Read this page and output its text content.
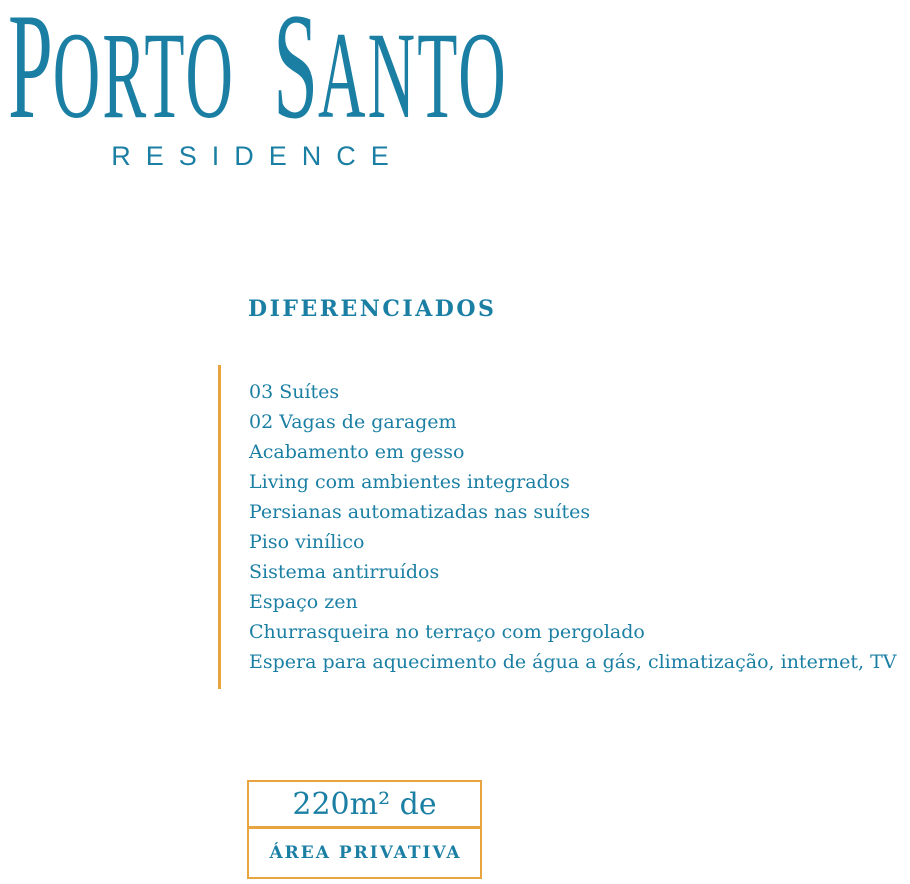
PORTO SANTO
RESIDENCE
DIFERENCIADOS
03 Suítes
02 Vagas de garagem
Acabamento em gesso
Living com ambientes integrados
Persianas automatizadas nas suítes
Piso vinílico
Sistema antirruídos
Espaço zen
Churrasqueira no terraço com pergolado
Espera para aquecimento de água a gás, climatização, internet, TV
220m² de
ÁREA PRIVATIVA
